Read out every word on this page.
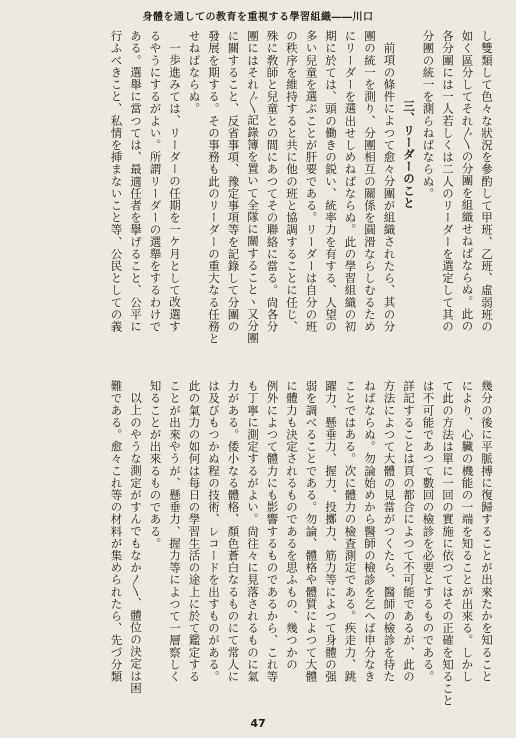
身體を通しての教育を重視する學習組織――川口
し雙類して色々な狀況を參酌して甲班、乙班、虛弱班の
如く區分してそれ〴〵の分團を組織せねばならぬ。此の
各分團には一人若しくは二人のリーダーを選定して其の
分團の統一を測らねばならぬ。
三、リーダーのこと
前項の條件によつて愈々分團が組織されたら、其の分
團の統一を測り、分團相互の關係を圓滑ならしむるため
にリーダーを選出せしめねばならぬ。此の學習組織の初
期に於ては、頭の働きの鋭い、統率力を有する、人望の
多い兒童を選ぶことが肝要である。リーダーは自分の班
の秩序を維持すると共に他の班と協調することに任じ、
殊に敎師と兒童との間にあつてその聯絡に當る。尙各分
團にはそれ〴〵記錄簿を置いて全隊に關することヽ又分團
に關すること、反省事項、豫定事項等を記錄して分團の
發展を期する。その事務も此のリーダーの重大なる任務と
せねばならぬ。
一歩進みては、リーダーの任期を一ケ月として改選す
るやうにするがよい。所謂リーダーの選舉をするわけで
ある。選舉に當つては、最適任者を擧げること、公平に
行ふべきこと、私情を挿まないこと等、公民としての義
幾分の後に平脈搏に復歸することが出來たかを知ること
により、心臟の機能の一端を知ることが出來る。しかし
て此の方法は單に一回の實施に依つてはその正確を知ること
は不可能であつて數回の檢診を必要とするものである。
詳記することは頁の都合によつて不可能であるが、此の
方法によつて大體の見當がつくたら、醫師の檢診を待た
ねばならぬ。勿論始めから醫師の檢診を乞へば申分なき
ことではある。次に體力の檢査測定である。疾走力、跳
躍力、懸垂力、握力、投擲力、筋力等によつて身體の强
弱を調べることである。勿論、體格や體質によつて大體
に體力も決定されるものであるを思ふもの、幾つかの
例外によつて體力にも影響するものであるから、これ等
も丁寧に測定するがよい。尙往々に見落されるものに氣
力がある。倭小なる體格、顏色蒼白なるものにて常人に
は及びもつかぬ程の技術、レコードを出すものがある。
此の氣力の如何は每日の學習生活の途上に於て鑑定する
ことが出來やうが、懸垂力、握力等によつて一層察しく
知ることが出來るものである。
以上のやうな測定がすんでもなか〳〵、體位の決定は困
難である。愈々これ等の材料が集められたら、先づ分類
47
